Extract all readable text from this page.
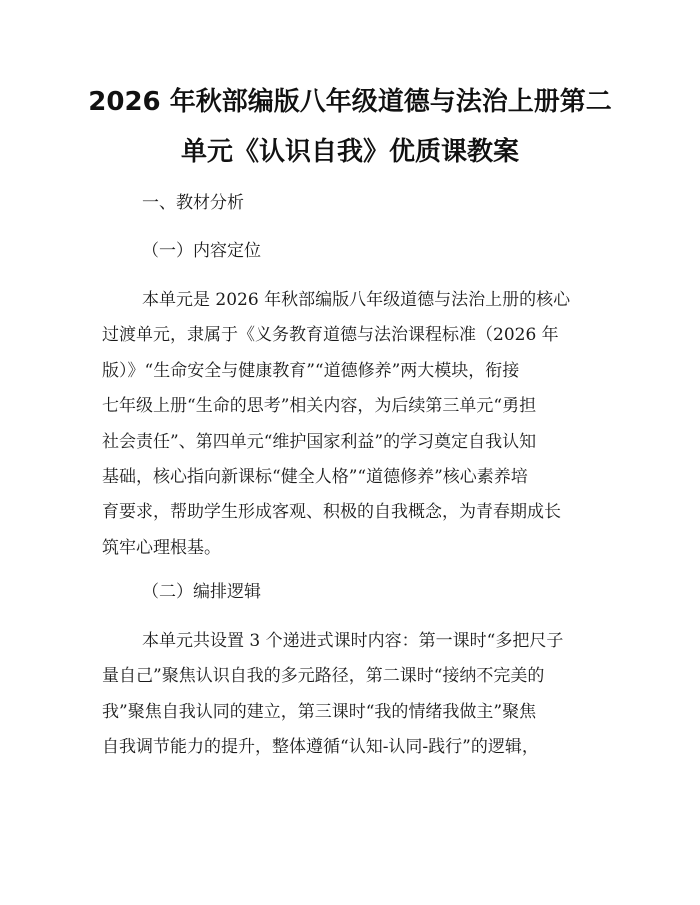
2026 年秋部编版八年级道德与法治上册第二
单元《认识自我》优质课教案

一、教材分析

（一）内容定位

本单元是 2026 年秋部编版八年级道德与法治上册的核心
过渡单元，隶属于《义务教育道德与法治课程标准（2026 年
版）》“生命安全与健康教育”“道德修养”两大模块，衔接
七年级上册“生命的思考”相关内容，为后续第三单元“勇担
社会责任”、第四单元“维护国家利益”的学习奠定自我认知
基础，核心指向新课标“健全人格”“道德修养”核心素养培
育要求，帮助学生形成客观、积极的自我概念，为青春期成长
筑牢心理根基。

（二）编排逻辑

本单元共设置 3 个递进式课时内容：第一课时“多把尺子
量自己”聚焦认识自我的多元路径，第二课时“接纳不完美的
我”聚焦自我认同的建立，第三课时“我的情绪我做主”聚焦
自我调节能力的提升，整体遵循“认知-认同-践行”的逻辑，
